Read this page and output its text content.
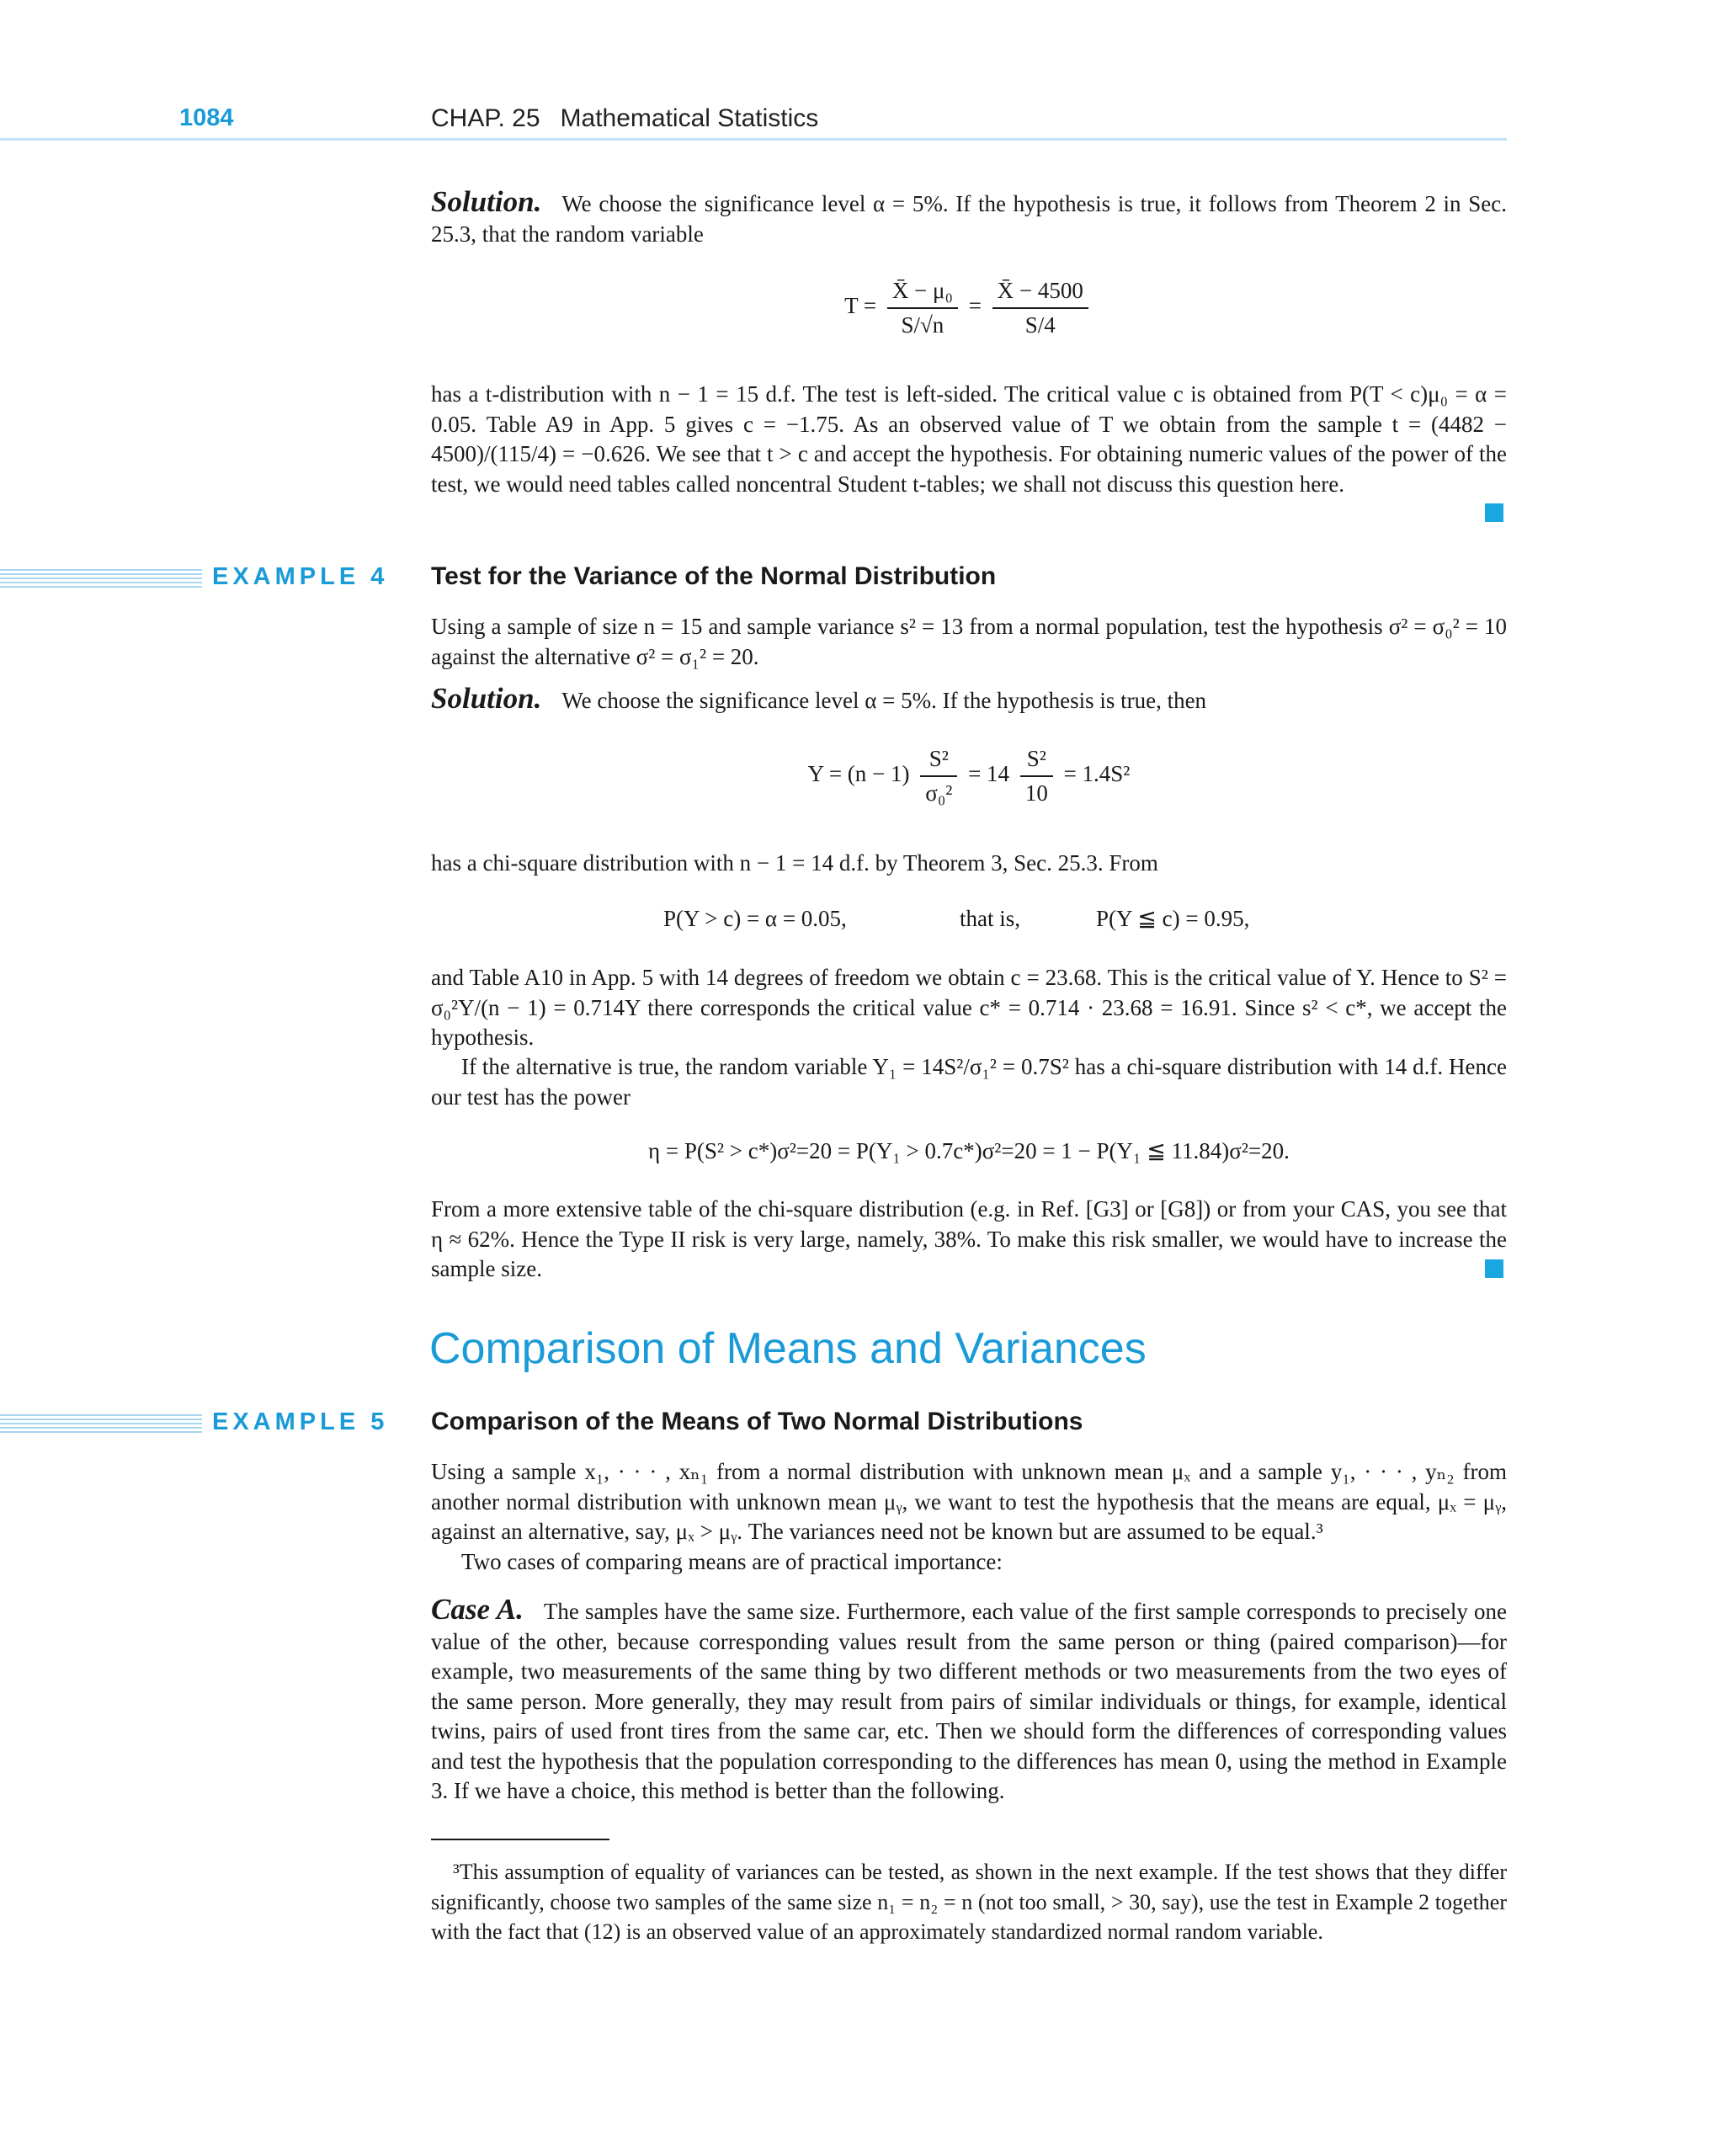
1084	CHAP. 25 Mathematical Statistics
Solution. We choose the significance level α = 5%. If the hypothesis is true, it follows from Theorem 2 in Sec. 25.3, that the random variable
$T = \frac{\text{X̄ − μ₀}}{S/√n} = \frac{X̄ - 4500}{S/4}$
has a t-distribution with n − 1 = 15 d.f. The test is left-sided. The critical value c is obtained from P(T < c)μ₀ = α = 0.05. Table A9 in App. 5 gives c = −1.75. As an observed value of T we obtain from the sample t = (4482 − 4500)/(115/4) = −0.626. We see that t > c and accept the hypothesis. For obtaining numeric values of the power of the test, we would need tables called noncentral Student t-tables; we shall not discuss this question here.
EXAMPLE 4 Test for the Variance of the Normal Distribution
Using a sample of size n = 15 and sample variance s² = 13 from a normal population, test the hypothesis σ² = σ₀² = 10 against the alternative σ² = σ₁² = 20.
Solution. We choose the significance level α = 5%. If the hypothesis is true, then
$Y = (n - 1) \frac{\text{S²}}{\text{σ₀²}} = 14 \frac{\text{S²}}{10} = 1.4S^2$
has a chi-square distribution with n − 1 = 14 d.f. by Theorem 3, Sec. 25.3. From
P(Y > c) = α = 0.05,	that is,	P(Y ≦ c) = 0.95,
and Table A10 in App. 5 with 14 degrees of freedom we obtain c = 23.68. This is the critical value of Y. Hence to S² = σ₀²Y/(n − 1) = 0.714Y there corresponds the critical value c* = 0.714 · 23.68 = 16.91. Since s² < c*, we accept the hypothesis.
If the alternative is true, the random variable Y₁ = 14S²/σ₁² = 0.7S² has a chi-square distribution with 14 d.f. Hence our test has the power
η = P(S² > c*)σ²=20 = P(Y₁ > 0.7c*)σ²=20 = 1 − P(Y₁ ≦ 11.84)σ²=20.
From a more extensive table of the chi-square distribution (e.g. in Ref. [G3] or [G8]) or from your CAS, you see that η ≈ 62%. Hence the Type II risk is very large, namely, 38%. To make this risk smaller, we would have to increase the sample size.
Comparison of Means and Variances
EXAMPLE 5 Comparison of the Means of Two Normal Distributions
Using a sample x₁, · · · , xₙ₁ from a normal distribution with unknown mean μₓ and a sample y₁, · · · , yₙ₂ from another normal distribution with unknown mean μᵧ, we want to test the hypothesis that the means are equal, μₓ = μᵧ, against an alternative, say, μₓ > μᵧ. The variances need not be known but are assumed to be equal.³
Two cases of comparing means are of practical importance:
Case A. The samples have the same size. Furthermore, each value of the first sample corresponds to precisely one value of the other, because corresponding values result from the same person or thing (paired comparison)—for example, two measurements of the same thing by two different methods or two measurements from the two eyes of the same person. More generally, they may result from pairs of similar individuals or things, for example, identical twins, pairs of used front tires from the same car, etc. Then we should form the differences of corresponding values and test the hypothesis that the population corresponding to the differences has mean 0, using the method in Example 3. If we have a choice, this method is better than the following.
³This assumption of equality of variances can be tested, as shown in the next example. If the test shows that they differ significantly, choose two samples of the same size n₁ = n₂ = n (not too small, > 30, say), use the test in Example 2 together with the fact that (12) is an observed value of an approximately standardized normal random variable.
